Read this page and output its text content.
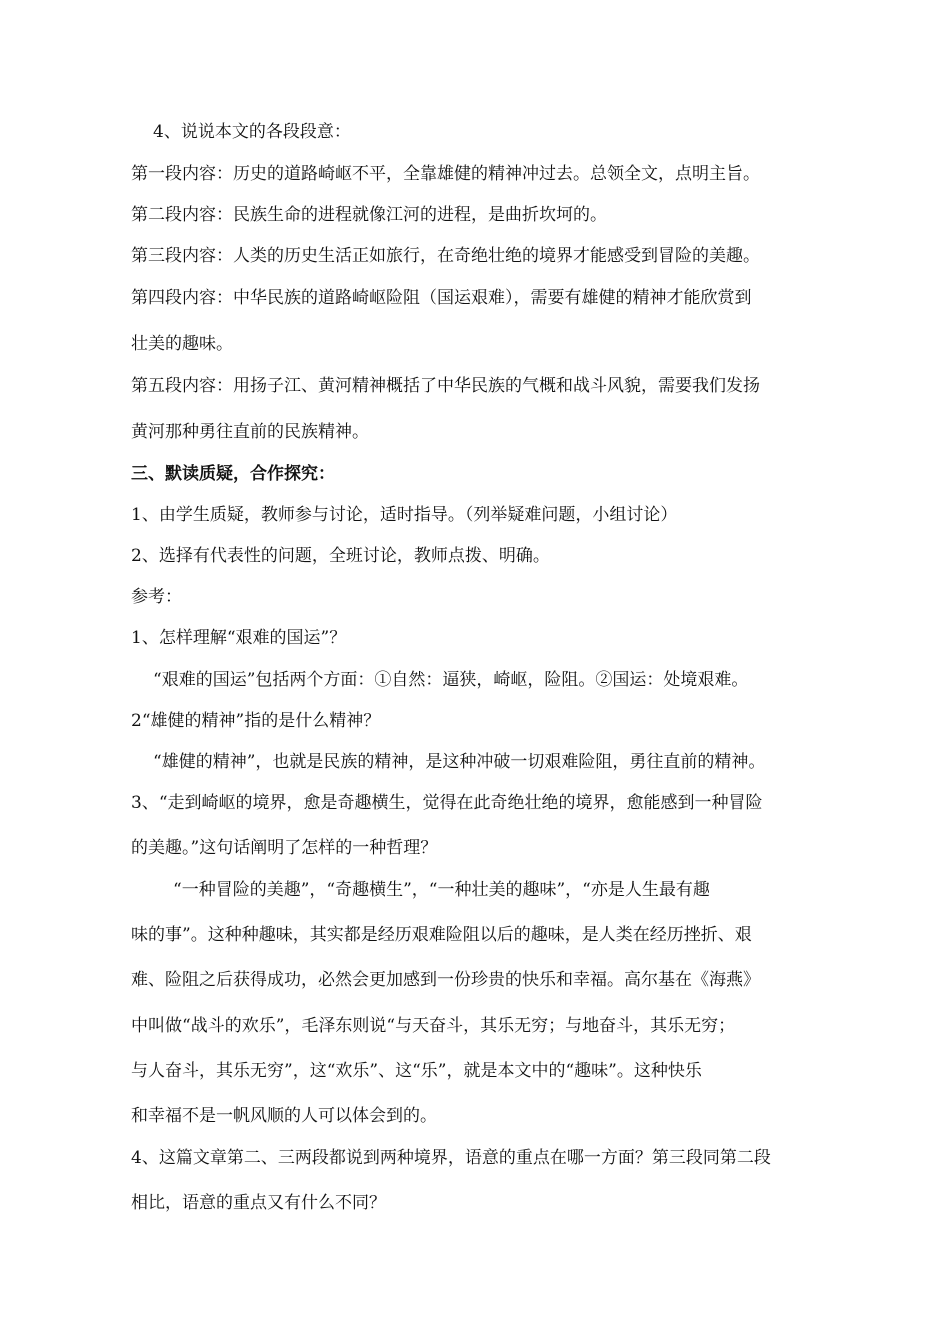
4、说说本文的各段段意：
第一段内容：历史的道路崎岖不平，全靠雄健的精神冲过去。总领全文，点明主旨。
第二段内容：民族生命的进程就像江河的进程，是曲折坎坷的。
第三段内容：人类的历史生活正如旅行，在奇绝壮绝的境界才能感受到冒险的美趣。
第四段内容：中华民族的道路崎岖险阻（国运艰难），需要有雄健的精神才能欣赏到
壮美的趣味。
第五段内容：用扬子江、黄河精神概括了中华民族的气概和战斗风貌，需要我们发扬
黄河那种勇往直前的民族精神。
三、默读质疑，合作探究：
1、由学生质疑，教师参与讨论，适时指导。（列举疑难问题，小组讨论）
2、选择有代表性的问题，全班讨论，教师点拨、明确。
参考：
1、怎样理解“艰难的国运”？
“艰难的国运”包括两个方面：①自然：逼狭，崎岖，险阻。②国运：处境艰难。
2“雄健的精神”指的是什么精神？
“雄健的精神”，也就是民族的精神，是这种冲破一切艰难险阻，勇往直前的精神。
3、“走到崎岖的境界，愈是奇趣横生，觉得在此奇绝壮绝的境界，愈能感到一种冒险
的美趣。”这句话阐明了怎样的一种哲理？
“一种冒险的美趣”，“奇趣横生”，“一种壮美的趣味”，“亦是人生最有趣
味的事”。这种种趣味，其实都是经历艰难险阻以后的趣味，是人类在经历挫折、艰
难、险阻之后获得成功，必然会更加感到一份珍贵的快乐和幸福。高尔基在《海燕》
中叫做“战斗的欢乐”，毛泽东则说“与天奋斗，其乐无穷；与地奋斗，其乐无穷；
与人奋斗，其乐无穷”，这“欢乐”、这“乐”，就是本文中的“趣味”。这种快乐
和幸福不是一帆风顺的人可以体会到的。
4、这篇文章第二、三两段都说到两种境界，语意的重点在哪一方面？第三段同第二段
相比，语意的重点又有什么不同？
